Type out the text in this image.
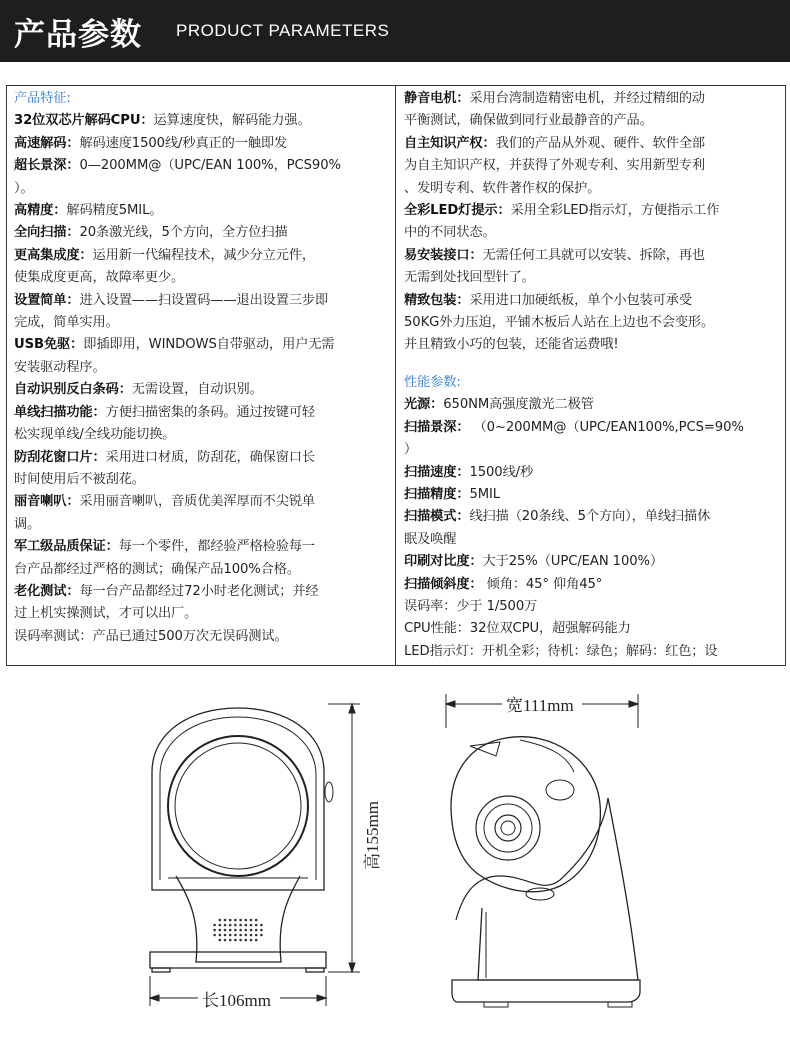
产品参数 PRODUCT PARAMETERS
产品特征:
32位双芯片解码CPU：运算速度快，解码能力强。
高速解码：解码速度1500线/秒真正的一触即发
超长景深：0—200MM@（UPC/EAN 100%，PCS90%
）。
高精度：解码精度5MIL。
全向扫描：20条激光线，5个方向，全方位扫描
更高集成度：运用新一代编程技术，减少分立元件，
使集成度更高，故障率更少。
设置简单：进入设置——扫设置码——退出设置三步即
完成，简单实用。
USB免驱：即插即用，WINDOWS自带驱动，用户无需
安装驱动程序。
自动识别反白条码：无需设置，自动识别。
单线扫描功能：方便扫描密集的条码。通过按键可轻
松实现单线/全线功能切换。
防刮花窗口片：采用进口材质，防刮花，确保窗口长
时间使用后不被刮花。
丽音喇叭：采用丽音喇叭，音质优美浑厚而不尖锐单
调。
军工级品质保证：每一个零件，都经验严格检验每一
台产品都经过严格的测试；确保产品100%合格。
老化测试：每一台产品都经过72小时老化测试；并经
过上机实操测试，才可以出厂。
误码率测试：产品已通过500万次无误码测试。
静音电机：采用台湾制造精密电机，并经过精细的动
平衡测试，确保做到同行业最静音的产品。
自主知识产权：我们的产品从外观、硬件、软件全部
为自主知识产权，并获得了外观专利、实用新型专利
、发明专利、软件著作权的保护。
全彩LED灯提示：采用全彩LED指示灯，方便指示工作
中的不同状态。
易安装接口：无需任何工具就可以安装、拆除，再也
无需到处找回型针了。
精致包装：采用进口加硬纸板，单个小包装可承受
50KG外力压迫，平铺木板后人站在上边也不会变形。
并且精致小巧的包装，还能省运费哦!
性能参数:
光源：650NM高强度激光二极管
扫描景深： （0~200MM@（UPC/EAN100%,PCS=90%
）
扫描速度：1500线/秒
扫描精度：5MIL
扫描模式：线扫描（20条线、5个方向），单线扫描休
眠及唤醒
印刷对比度：大于25%（UPC/EAN 100%）
扫描倾斜度： 倾角：45° 仰角45°
误码率：少于 1/500万
CPU性能：32位双CPU，超强解码能力
LED指示灯：开机全彩；待机：绿色；解码：红色；设
高155mm
长106mm
宽111mm
